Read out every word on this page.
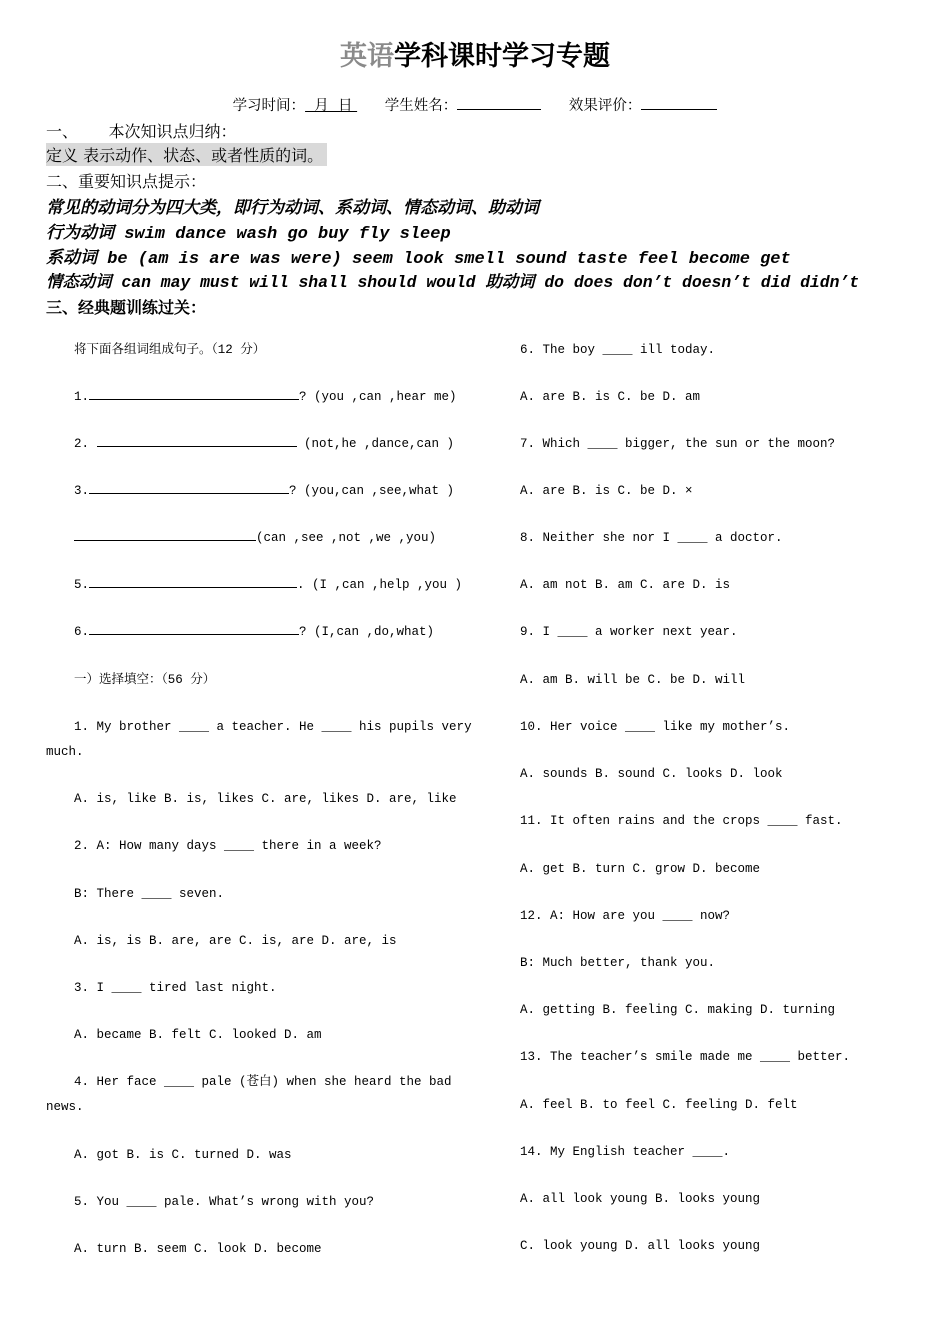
英语学科课时学习专题
学习时间：  月  日       学生姓名：	效果评价：
一、 本次知识点归纳：
定义 表示动作、状态、或者性质的词。
二、重要知识点提示：
常见的动词分为四大类，即行为动词、系动词、情态动词、助动词
行为动词 swim dance wash go buy fly sleep
系动词 be (am is are was were) seem look smell sound taste feel become get
情态动词 can may must will shall should would 助动词 do does don’t doesn’t did didn’t
三、经典题训练过关：
将下面各组词组成句子。（12 分）
1.	? (you ,can ,hear me)
2.	(not,he ,dance,can )
3.	? (you,can ,see,what )
(can ,see ,not ,we ,you)
5.	. (I ,can ,help ,you )
6.	? (I,can ,do,what)
一）选择填空：（56 分）
1. My brother ____ a teacher. He ____ his pupils very
much.
A. is, like B. is, likes C. are, likes D. are, like
2. A: How many days ____ there in a week?
B: There ____ seven.
A. is, is B. are, are C. is, are D. are, is
3. I ____ tired last night.
A. became B. felt C. looked D. am
4. Her face ____ pale (苍白) when she heard the bad
news.
A. got B. is C. turned D. was
5. You ____ pale. What’s wrong with you?
A. turn B. seem C. look D. become
6. The boy ____ ill today.
A. are B. is C. be D. am
7. Which ____ bigger, the sun or the moon?
A. are B. is C. be D. ×
8. Neither she nor I ____ a doctor.
A. am not B. am C. are D. is
9. I ____ a worker next year.
A. am B. will be C. be D. will
10. Her voice ____ like my mother’s.
A. sounds B. sound C. looks D. look
11. It often rains and the crops ____ fast.
A. get B. turn C. grow D. become
12. A: How are you ____ now?
B: Much better, thank you.
A. getting B. feeling C. making D. turning
13. The teacher’s smile made me ____ better.
A. feel B. to feel C. feeling D. felt
14. My English teacher ____.
A. all look young B. looks young
C. look young D. all looks young
